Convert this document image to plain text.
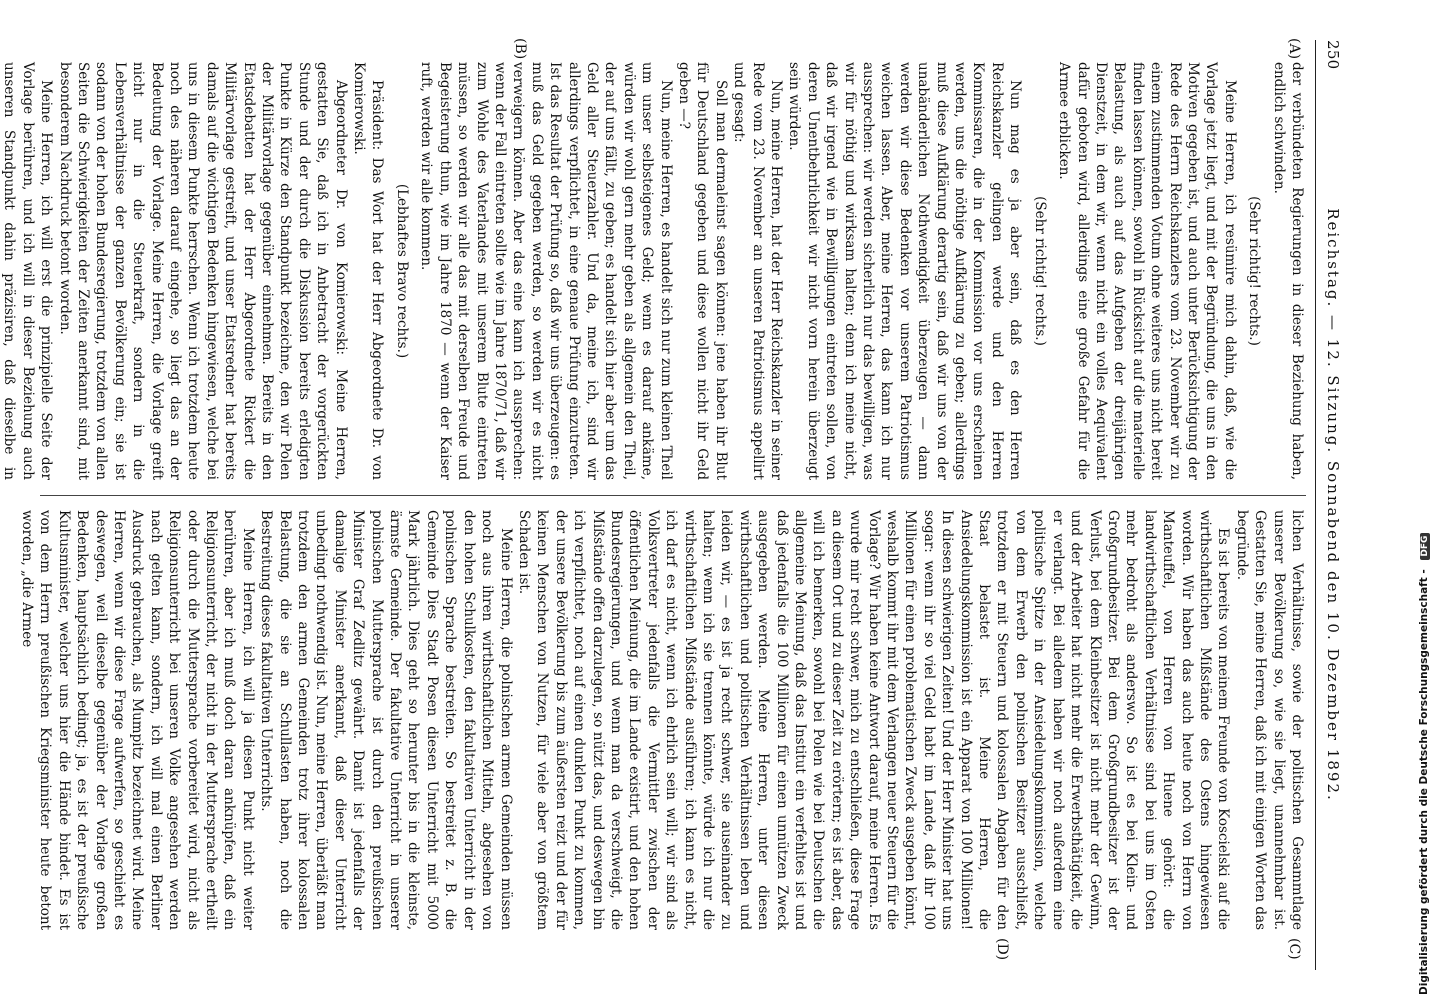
250
Reichstag. — 12. Sitzung. Sonnabend den 10. Dezember 1892.
(A)
(B)
(C)
(D)

der verbündeten Regierungen in dieser Beziehung haben, endlich schwinden.

(Sehr richtig! rechts.)

Meine Herren, ich resümire mich dahin, daß, wie die Vorlage jetzt liegt, und mit der Begründung, die uns in den Motiven gegeben ist, und auch unter Berücksichtigung der Rede des Herrn Reichskanzlers vom 23. November wir zu einem zustimmenden Votum ohne weiteres uns nicht bereit finden lassen können, sowohl in Rücksicht auf die materielle Belastung, als auch auf das Aufgeben der dreijährigen Dienstzeit, in dem wir, wenn nicht ein volles Aequivalent dafür geboten wird, allerdings eine große Gefahr für die Armee erblicken.

(Sehr richtig! rechts.)

Nun mag es ja aber sein, daß es den Herren Reichskanzler gelingen werde und den Herren Kommissaren, die in der Kommission vor uns erscheinen werden, uns die nöthige Aufklärung zu geben; allerdings muß diese Aufklärung derartig sein, daß wir uns von der unabänderlichen Nothwendigkeit überzeugen — dann werden wir diese Bedenken vor unserem Patriotismus weichen lassen. Aber, meine Herren, das kann ich nur aussprechen: wir werden sicherlich nur das bewilligen, was wir für nöthig und wirksam halten; denn ich meine nicht, daß wir irgend wie in Bewilligungen eintreten sollen, von deren Unentbehrlichkeit wir nicht vorn herein überzeugt sein würden.

Nun, meine Herren, hat der Herr Reichskanzler in seiner Rede vom 23. November an unseren Patriotismus appellirt und gesagt:

Soll man dermaleinst sagen können: jene haben ihr Blut für Deutschland gegeben und diese wollen nicht ihr Geld geben —?

Nun, meine Herren, es handelt sich nur zum kleinen Theil um unser selbsteigenes Geld; wenn es darauf ankäme, würden wir wohl gern mehr geben als allgemein den Theil, der auf uns fällt, zu geben; es handelt sich hier aber um das Geld aller Steuerzahler. Und da, meine ich, sind wir allerdings verpflichtet, in eine genaue Prüfung einzutreten. Ist das Resultat der Prüfung so, daß wir uns überzeugen: es muß das Geld gegeben werden, so werden wir es nicht verweigern können. Aber das eine kann ich aussprechen: wenn der Fall eintreten sollte wie im Jahre 1870/71, daß wir zum Wohle des Vaterlandes mit unserem Blute eintreten müssen, so werden wir alle das mit derselben Freude und Begeisterung thun, wie im Jahre 1870 — wenn der Kaiser ruft, werden wir alle kommen.

(Lebhaftes Bravo rechts.)

Präsident: Das Wort hat der Herr Abgeordnete Dr. von Komierowski.

Abgeordneter Dr. von Komierowski: Meine Herren, gestatten Sie, daß ich in Anbetracht der vorgerückten Stunde und der durch die Diskussion bereits erledigten Punkte in Kürze den Standpunkt bezeichne, den wir Polen der Militärvorlage gegenüber einnehmen. Bereits in den Etatsdebatten hat der Herr Abgeordnete Rickert die Militärvorlage gestreift, und unser Etatsredner hat bereits damals auf die wichtigen Bedenken hingewiesen, welche bei uns in diesem Punkte herrschen. Wenn ich trotzdem heute noch des näheren darauf eingehe, so liegt das an der Bedeutung der Vorlage. Meine Herren, die Vorlage greift nicht nur in die Steuerkraft, sondern in die Lebensverhältnisse der ganzen Bevölkerung ein; sie ist sodann von der hohen Bundesregierung, trotzdem von allen Seiten die Schwierigkeiten der Zeiten anerkannt sind, mit besonderem Nachdruck betont worden.

Meine Herren, ich will erst die prinzipielle Seite der Vorlage berühren, und ich will in dieser Beziehung auch unseren Standpunkt dahin präzisiren, daß dieselbe in

lichen Verhältnisse, sowie der politischen Gesammtlage unserer Bevölkerung so, wie sie liegt, unannehmbar ist. Gestatten Sie, meine Herren, daß ich mit einigen Worten das begründe.

Es ist bereits von meinem Freunde von Koscielski auf die wirthschaftlichen Mißstände des Ostens hingewiesen worden. Wir haben das auch heute noch von Herrn von Manteuffel, von Herren von Huene gehört: die landwirthschaftlichen Verhältnisse sind bei uns im Osten mehr bedroht als anderswo. So ist es bei Klein- und Großgrundbesitzer. Bei dem Großgrundbesitzer ist der Verlust, bei dem Kleinbesitzer ist nicht mehr der Gewinn, und der Arbeiter hat nicht mehr die Erwerbsthätigkeit, die er verlangt. Bei alledem haben wir noch außerdem eine politische Spitze in der Ansiedelungskommission, welche von dem Erwerb den polnischen Besitzer ausschließt, trotzdem er mit Steuern und kolossalen Abgaben für den Staat belastet ist. Meine Herren, die Ansiedelungskommission ist ein Apparat von 100 Millionen! In diesen schwierigen Zeiten! Und der Herr Minister hat uns sogar: wenn ihr so viel Geld habt im Lande, daß ihr 100 Millionen für einen problematischen Zweck ausgeben könnt, weshalb kommt ihr mit dem Verlangen neuer Steuern für die Vorlage? Wir haben keine Antwort darauf, meine Herren. Es wurde mir recht schwer, mich zu entschließen, diese Frage an diesem Ort und zu dieser Zeit zu erörtern; es ist aber, das will ich bemerken, sowohl bei Polen wie bei Deutschen die allgemeine Meinung, daß das Institut ein verfehltes ist und daß jedenfalls die 100 Millionen für einen unnützen Zweck ausgegeben werden. Meine Herren, unter diesen wirthschaftlichen und politischen Verhältnissen leben und leiden wir, — es ist ja recht schwer, sie auseinander zu halten; wenn ich sie trennen könnte, würde ich nur die wirthschaftlichen Mißstände ausführen; ich kann es nicht, ich darf es nicht, wenn ich ehrlich sein will; wir sind als Volksvertreter jedenfalls die Vermittler zwischen der öffentlichen Meinung, die im Lande existirt, und den hohen Bundesregierungen, und wenn man da verschweigt, die Mißstände offen darzulegen, so nützt das, und deswegen bin ich verpflichtet, noch auf einen dunklen Punkt zu kommen, der unsere Bevölkerung bis zum äußersten reizt und der für keinen Menschen von Nutzen, für viele aber von größtem Schaden ist.

Meine Herren, die polnischen armen Gemeinden müssen noch aus ihren wirthschaftlichen Mitteln, abgesehen von den hohen Schulkosten, den fakultativen Unterricht in der polnischen Sprache bestreiten. So bestreitet z. B. die Gemeinde Dies Stadt Posen diesen Unterricht mit 5000 Mark jährlich. Dies geht so herunter bis in die kleinste, ärmste Gemeinde. Der fakultative Unterricht in unserer polnischen Muttersprache ist durch den preußischen Minister Graf Zedlitz gewährt. Damit ist jedenfalls der damalige Minister anerkannt, daß dieser Unterricht unbedingt nothwendig ist. Nun, meine Herren, überläßt man trotzdem den armen Gemeinden trotz ihrer kolossalen Belastung, die sie an Schullasten haben, noch die Bestreitung dieses fakultativen Unterrichts.

Meine Herren, ich will ja diesen Punkt nicht weiter berühren, aber ich muß doch daran anknüpfen, daß ein Religionsunterricht, der nicht in der Muttersprache ertheilt oder durch die Muttersprache vorbereitet wird, nicht als Religionsunterricht bei unseren Volke angesehen werden nach gelten kann, sondern, ich will mal einen Berliner Ausdruck gebrauchen, als Mumpitz bezeichnet wird. Meine Herren, wenn wir diese Frage aufwerfen, so geschieht es deswegen, weil dieselbe gegenüber der Vorlage großen Bedenken, hauptsächlich bedingt; ja, es ist der preußische Kultusminister, welcher uns hier die Hände bindet. Es ist von dem Herrn preußischen Kriegsminister heute betont worden, „die Armee	Digitalisierung gefördert durch die Deutsche Forschungsgemeinschaft - DFG
